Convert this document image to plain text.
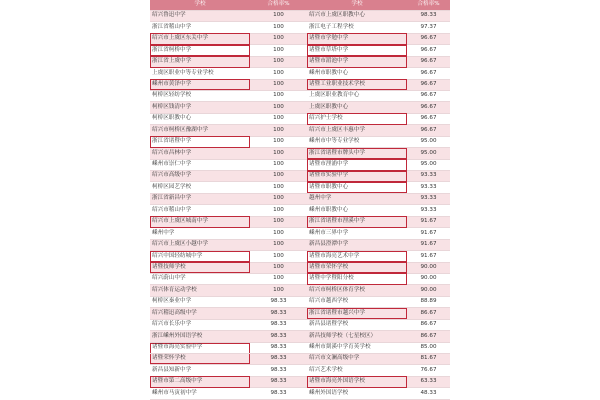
学校	合格率%
绍兴鲁迅中学	100
浙江省稽山中学	100
绍兴市上虞区东关中学	100
浙江省柯桥中学	100
浙江省上虞中学	100
上虞区职业中等专业学校	100
嵊州市黄泽中学	100
柯桥区轻纺学校	100
柯桥区钱清中学	100
柯桥区职教中心	100
绍兴市柯桥区豫湖中学	100
浙江省诸暨中学	100
绍兴市昌林中学	100
嵊州市崇仁中学	100
绍兴市高级中学	100
柯桥区园艺学校	100
浙江省新昌中学	100
绍兴市稽山中学	100
绍兴市上虞区城南中学	100
嵊州中学	100
绍兴市上虞区小越中学	100
绍兴中国轻纺城中学	100
诸暨技师学校	100
绍兴蔚山中学	100
绍兴体育运动学校	100
柯桥区秦业中学	98.33
绍兴稽迅高级中学	98.33
绍兴市长乐中学	98.33
浙江嵊州外国语学校	98.33
诸暨市海亮实验中学	98.33
诸暨荣怀学校	98.33
新昌县知新中学	98.33
诸暨市第二高级中学	98.33
嵊州市马寅初中学	98.33
学校	合格率%
绍兴市上虞区职教中心	98.33
浙江电子工程学校	97.37
诸暨市学勉中学	96.67
诸暨市草塔中学	96.67
诸暨市湄池中学	96.67
嵊州市职教中心	96.67
诸暨工业职业技术学校	96.67
上虞区职业教育中心	96.67
上虞区职教中心	96.67
绍兴护士学校	96.67
绍兴市上虞区丰惠中学	96.67
嵊州市中等专业学校	95.00
浙江省诸暨市牌头中学	95.00
诸暨市浬浦中学	95.00
诸暨市实验中学	93.33
诸暨市职教中心	93.33
越州中学	93.33
嵊州市职教中心	93.33
浙江省诸暨市浬溪中学	91.67
嵊州市三界中学	91.67
新昌县澄潭中学	91.67
诸暨市海亮艺术中学	91.67
诸暨市荣怀学校	90.00
诸暨中学暨阳分校	90.00
绍兴市柯桥区体育学校	90.00
绍兴市越西学校	88.89
浙江省诸暨市越兴中学	86.67
新昌县诸暨学校	86.67
新昌技师学校（七星校区）	86.67
嵊州市剡溪中学育英学校	85.00
绍兴市文澜高级中学	81.67
绍兴艺术学校	76.67
诸暨市海亮外国语学校	63.33
嵊州外国语学校	48.33
